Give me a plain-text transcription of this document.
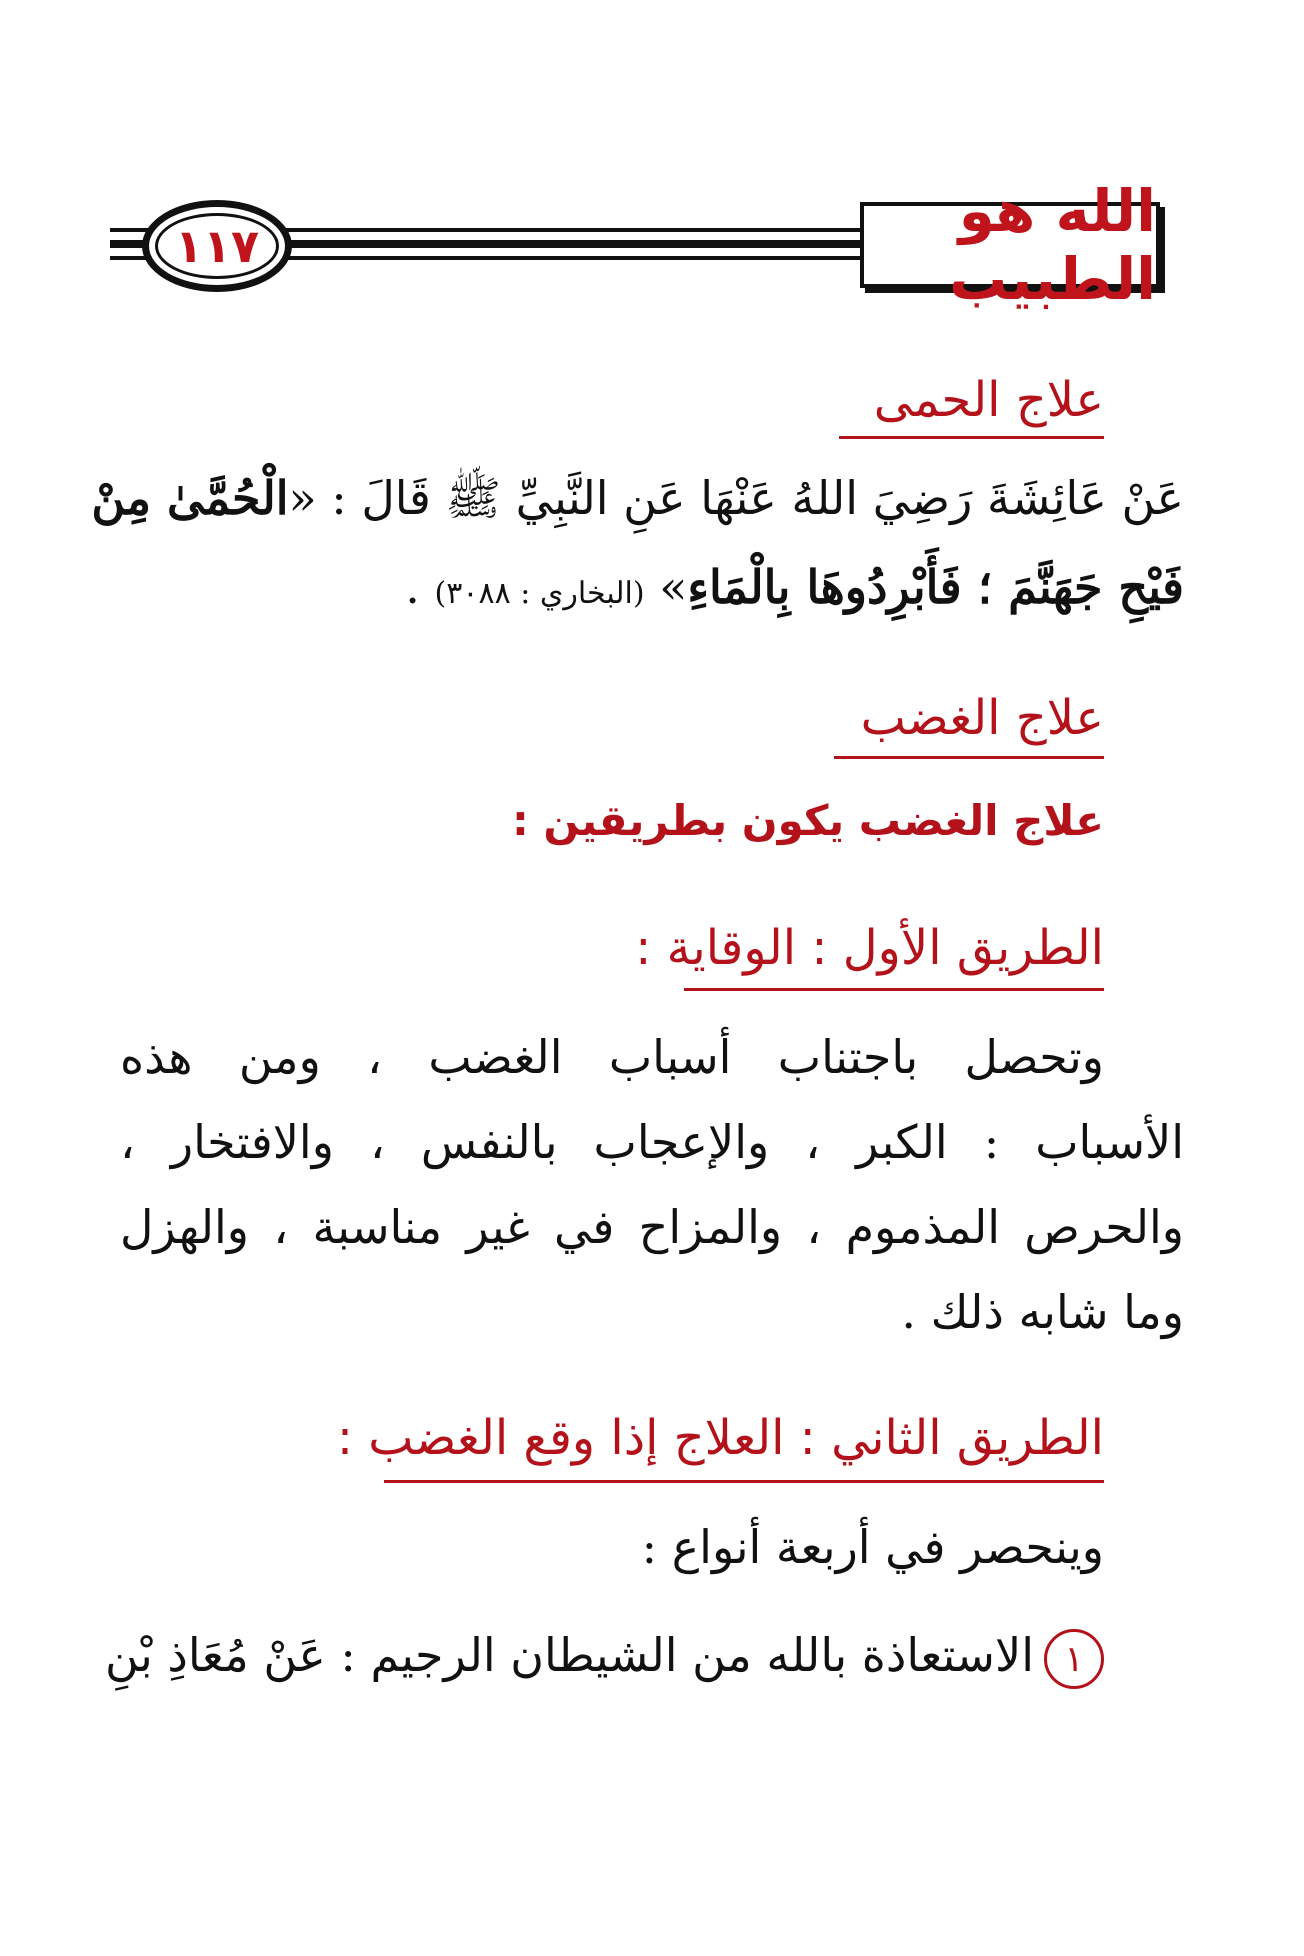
الله هو الطبيب
١١٧
علاج الحمى
عَنْ عَائِشَةَ رَضِيَ اللهُ عَنْهَا عَنِ النَّبِيِّ ﷺ قَالَ : «الْحُمَّىٰ مِنْ
فَيْحِ جَهَنَّمَ ؛ فَأَبْرِدُوهَا بِالْمَاءِ» (البخاري : ٣٠٨٨) .
علاج الغضب
علاج الغضب يكون بطريقين :
الطريق الأول : الوقاية :
وتحصل باجتناب أسباب الغضب ، ومن هذه
الأسباب : الكبر ، والإعجاب بالنفس ، والافتخار ،
والحرص المذموم ، والمزاح في غير مناسبة ، والهزل
وما شابه ذلك .
الطريق الثاني : العلاج إذا وقع الغضب :
وينحصر في أربعة أنواع :
١الاستعاذة بالله من الشيطان الرجيم : عَنْ مُعَاذِ بْنِ
